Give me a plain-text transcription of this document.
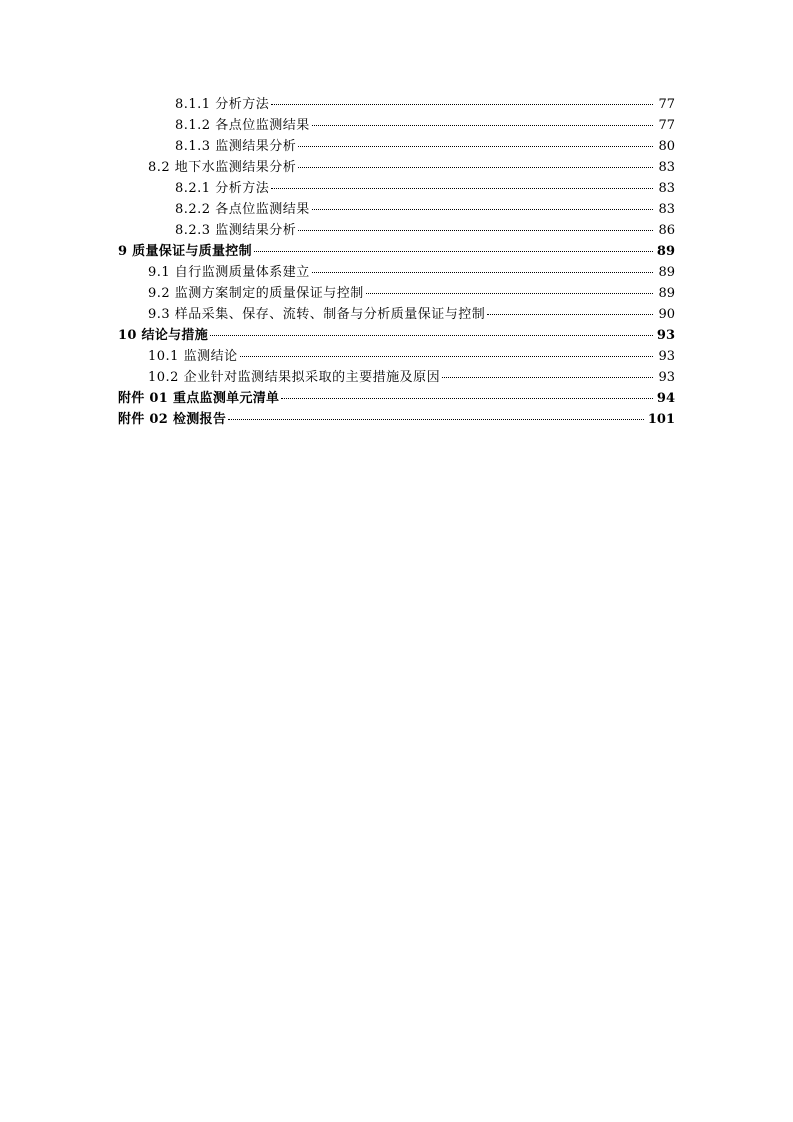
8.1.1 分析方法	77
8.1.2 各点位监测结果	77
8.1.3 监测结果分析	80
8.2 地下水监测结果分析	83
8.2.1 分析方法	83
8.2.2 各点位监测结果	83
8.2.3 监测结果分析	86
9 质量保证与质量控制	89
9.1 自行监测质量体系建立	89
9.2 监测方案制定的质量保证与控制	89
9.3 样品采集、保存、流转、制备与分析质量保证与控制	90
10 结论与措施	93
10.1 监测结论	93
10.2 企业针对监测结果拟采取的主要措施及原因	93
附件 01 重点监测单元清单	94
附件 02 检测报告	101
